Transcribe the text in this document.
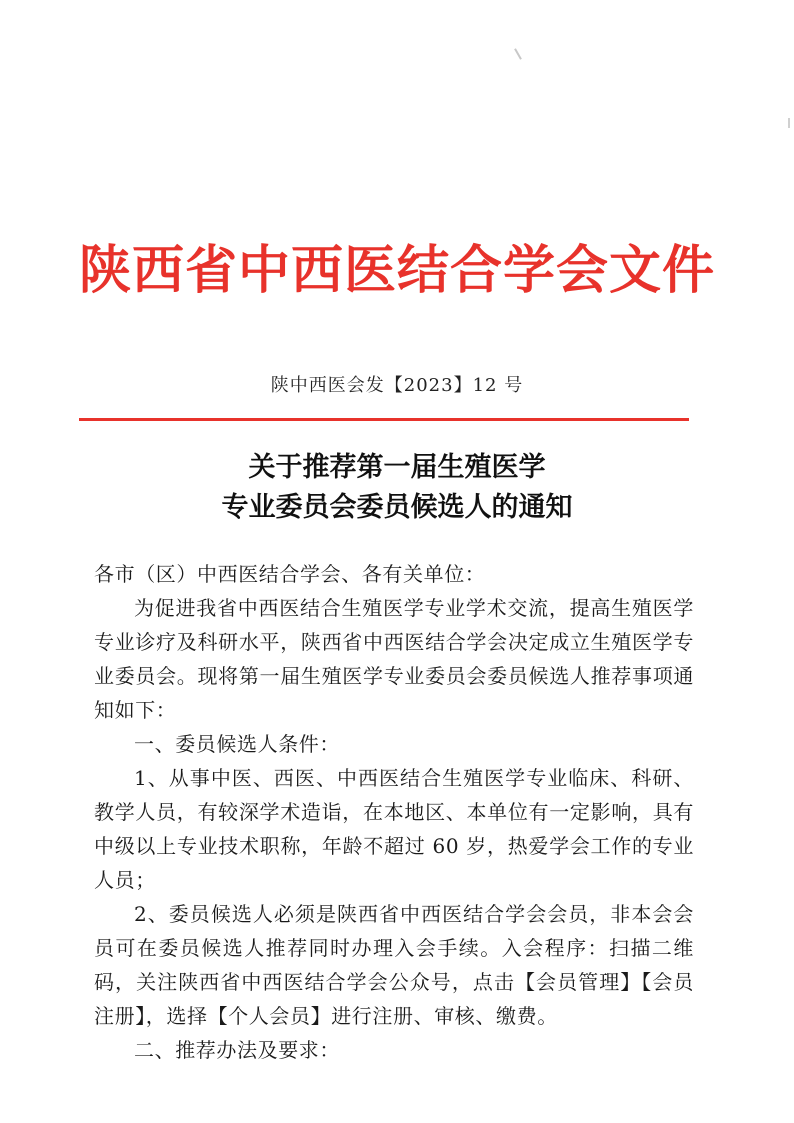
陕西省中西医结合学会文件
陕中西医会发【2023】12 号
关于推荐第一届生殖医学
专业委员会委员候选人的通知

各市（区）中西医结合学会、各有关单位：

为促进我省中西医结合生殖医学专业学术交流，提高生殖医学专业诊疗及科研水平，陕西省中西医结合学会决定成立生殖医学专业委员会。现将第一届生殖医学专业委员会委员候选人推荐事项通知如下：

一、委员候选人条件：

1、从事中医、西医、中西医结合生殖医学专业临床、科研、教学人员，有较深学术造诣，在本地区、本单位有一定影响，具有中级以上专业技术职称，年龄不超过 60 岁，热爱学会工作的专业人员；

2、委员候选人必须是陕西省中西医结合学会会员，非本会会员可在委员候选人推荐同时办理入会手续。入会程序：扫描二维码，关注陕西省中西医结合学会公众号，点击【会员管理】【会员注册】，选择【个人会员】进行注册、审核、缴费。

二、推荐办法及要求：
